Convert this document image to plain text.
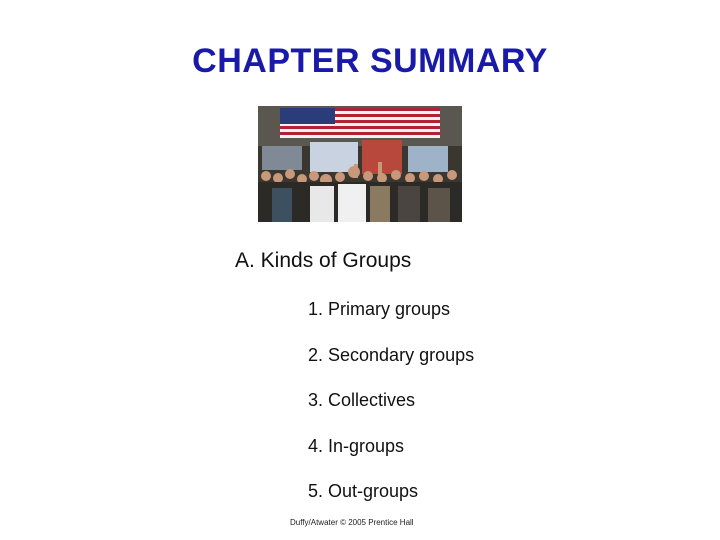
CHAPTER SUMMARY
A. Kinds of Groups
1. Primary groups
2. Secondary groups
3. Collectives
4. In-groups
5. Out-groups
Duffy/Atwater © 2005 Prentice Hall
